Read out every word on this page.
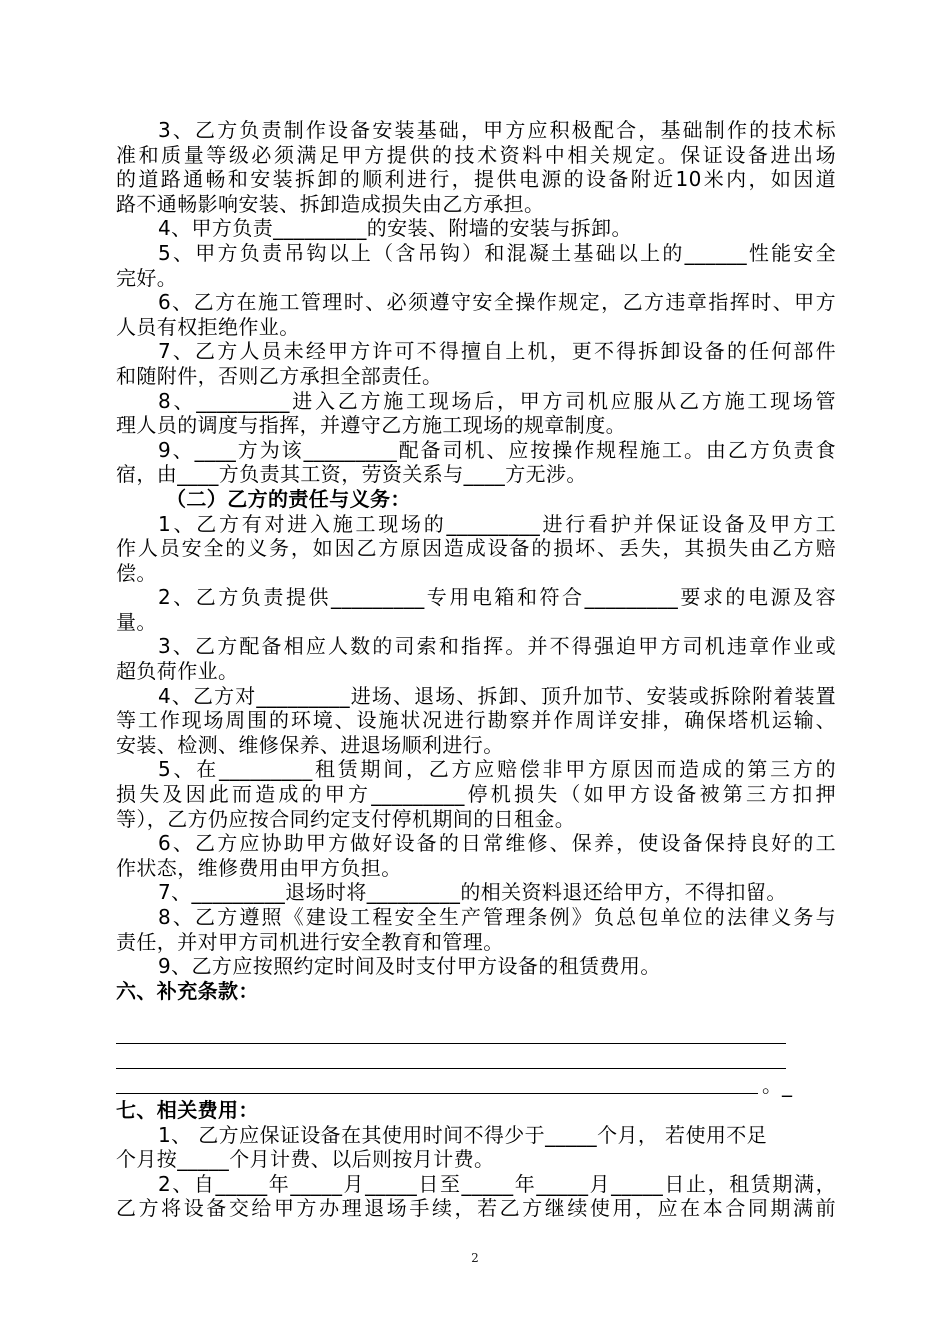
3、乙方负责制作设备安装基础，甲方应积极配合，基础制作的技术标
准和质量等级必须满足甲方提供的技术资料中相关规定。保证设备进出场
的道路通畅和安装拆卸的顺利进行，提供电源的设备附近10米内，如因道
路不通畅影响安装、拆卸造成损失由乙方承担。
4、甲方负责_________的安装、附墙的安装与拆卸。
5、甲方负责吊钩以上（含吊钩）和混凝土基础以上的______性能安全
完好。
6、乙方在施工管理时、必须遵守安全操作规定，乙方违章指挥时、甲方
人员有权拒绝作业。
7、乙方人员未经甲方许可不得擅自上机，更不得拆卸设备的任何部件
和随附件，否则乙方承担全部责任。
8、_________进入乙方施工现场后，甲方司机应服从乙方施工现场管
理人员的调度与指挥，并遵守乙方施工现场的规章制度。
9、____方为该_________配备司机、应按操作规程施工。由乙方负责食
宿，由____方负责其工资，劳资关系与____方无涉。
（二）乙方的责任与义务：
1、乙方有对进入施工现场的_________进行看护并保证设备及甲方工
作人员安全的义务，如因乙方原因造成设备的损坏、丢失，其损失由乙方赔
偿。
2、乙方负责提供_________专用电箱和符合_________要求的电源及容
量。
3、乙方配备相应人数的司索和指挥。并不得强迫甲方司机违章作业或
超负荷作业。
4、乙方对_________进场、退场、拆卸、顶升加节、安装或拆除附着装置
等工作现场周围的环境、设施状况进行勘察并作周详安排，确保塔机运输、
安装、检测、维修保养、进退场顺利进行。
5、在_________租赁期间，乙方应赔偿非甲方原因而造成的第三方的
损失及因此而造成的甲方_________停机损失（如甲方设备被第三方扣押
等），乙方仍应按合同约定支付停机期间的日租金。
6、乙方应协助甲方做好设备的日常维修、保养，使设备保持良好的工
作状态，维修费用由甲方负担。
7、_________退场时将_________的相关资料退还给甲方，不得扣留。
8、乙方遵照《建设工程安全生产管理条例》负总包单位的法律义务与
责任，并对甲方司机进行安全教育和管理。
9、乙方应按照约定时间及时支付甲方设备的租赁费用。
六、补充条款：
。_
七、相关费用：
1、 乙方应保证设备在其使用时间不得少于_____个月， 若使用不足
个月按_____个月计费、以后则按月计费。
2、自_____年_____月_____日至_____年_____月_____日止，租赁期满，
乙方将设备交给甲方办理退场手续，若乙方继续使用，应在本合同期满前
2
